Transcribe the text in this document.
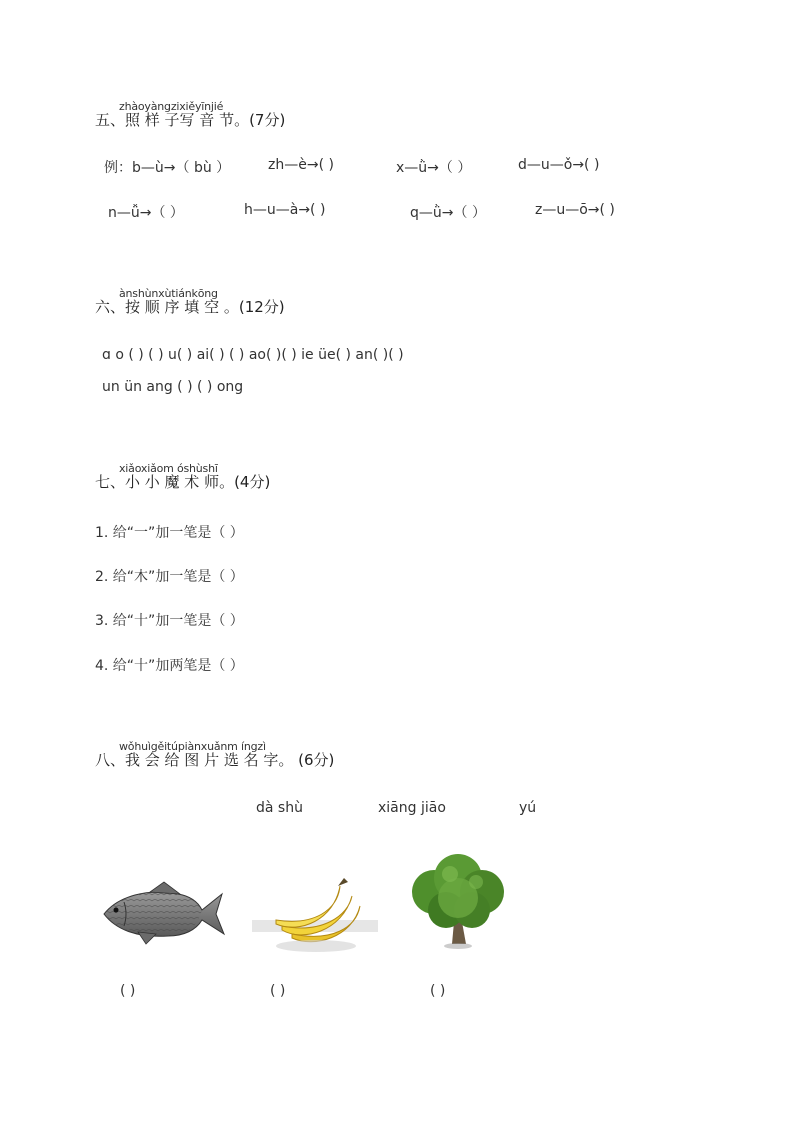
zhàoyàngzixiěyīnjié
五、照 样 子写 音 节。(7分)
例：b—ù→（ bù ）	zh—è→( )	x—ǜ→（ ）	d—u—ǒ→( )
n—ǚ→（ ）	h—u—à→( )	q—ǜ→（ ）	z—u—ō→( )
ànshùnxùtiánkōng
六、按 顺 序 填 空 。(12分)
ɑ o ( ) ( ) u( ) ai( ) ( ) ao( )( ) ie üe( ) an( )( )
un ün ang ( ) ( ) ong
xiǎoxiǎom óshùshī
七、小 小 魔 术 师。(4分)
1. 给“一”加一笔是（ ）
2. 给“木”加一笔是（ ）
3. 给“十”加一笔是（ ）
4. 给“十”加两笔是（ ）
wǒhuìgěitúpiànxuǎnm íngzì
八、我 会 给 图 片 选 名 字。 (6分)
dà shù	xiāng jiāo	yú
( )	( )	( )
